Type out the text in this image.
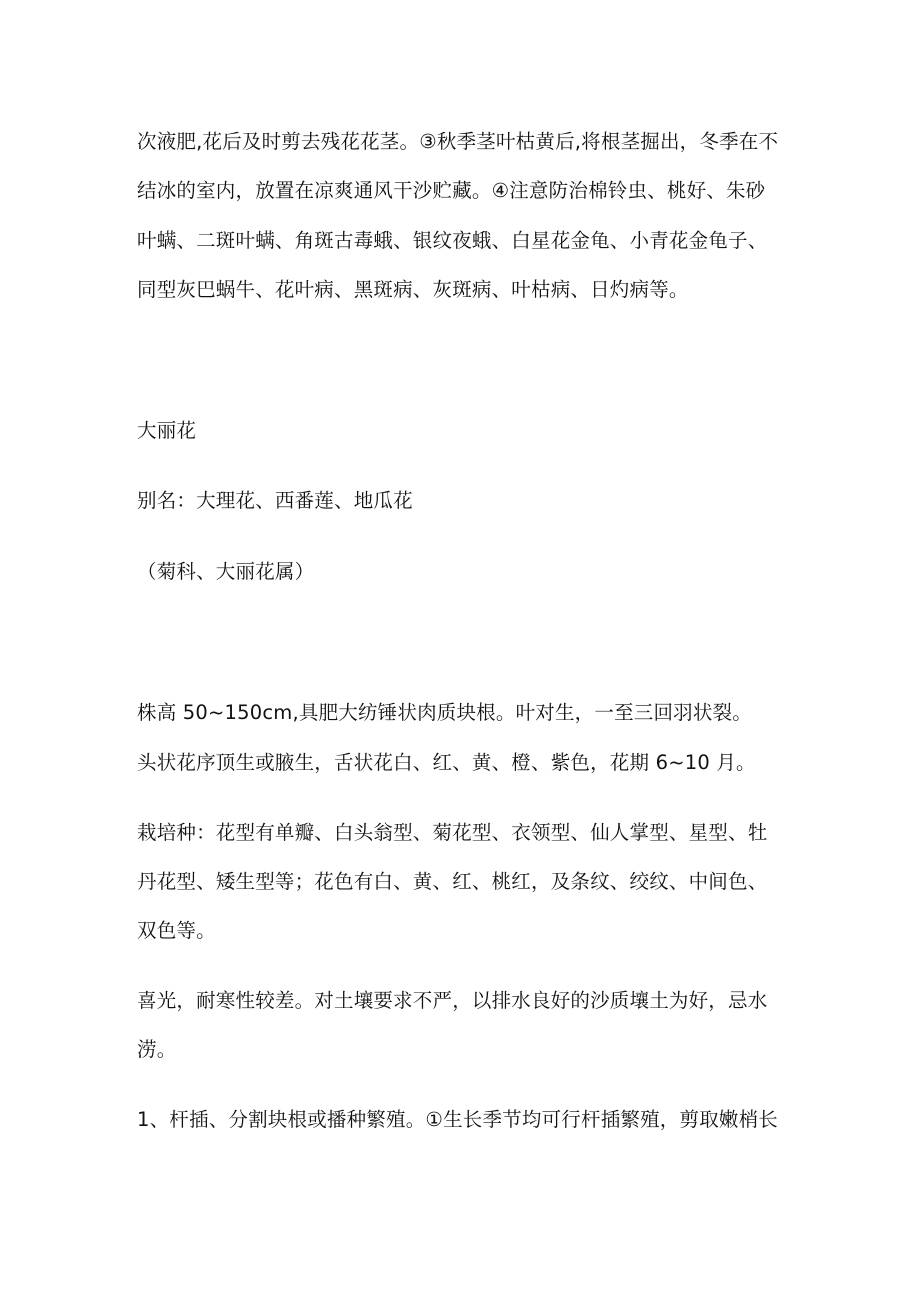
次液肥,花后及时剪去残花花茎。③秋季茎叶枯黄后,将根茎掘出，冬季在不
结冰的室内，放置在凉爽通风干沙贮藏。④注意防治棉铃虫、桃好、朱砂
叶螨、二斑叶螨、角斑古毒蛾、银纹夜蛾、白星花金龟、小青花金龟子、
同型灰巴蜗牛、花叶病、黑斑病、灰斑病、叶枯病、日灼病等。
大丽花
别名：大理花、西番莲、地瓜花
（菊科、大丽花属）
株高 50~150cm,具肥大纺锤状肉质块根。叶对生，一至三回羽状裂。
头状花序顶生或腋生，舌状花白、红、黄、橙、紫色，花期 6~10 月。
栽培种：花型有单瓣、白头翁型、菊花型、衣领型、仙人掌型、星型、牡
丹花型、矮生型等；花色有白、黄、红、桃红，及条纹、绞纹、中间色、
双色等。
喜光，耐寒性较差。对土壤要求不严，以排水良好的沙质壤土为好，忌水
涝。
1、杆插、分割块根或播种繁殖。①生长季节均可行杆插繁殖，剪取嫩梢长
